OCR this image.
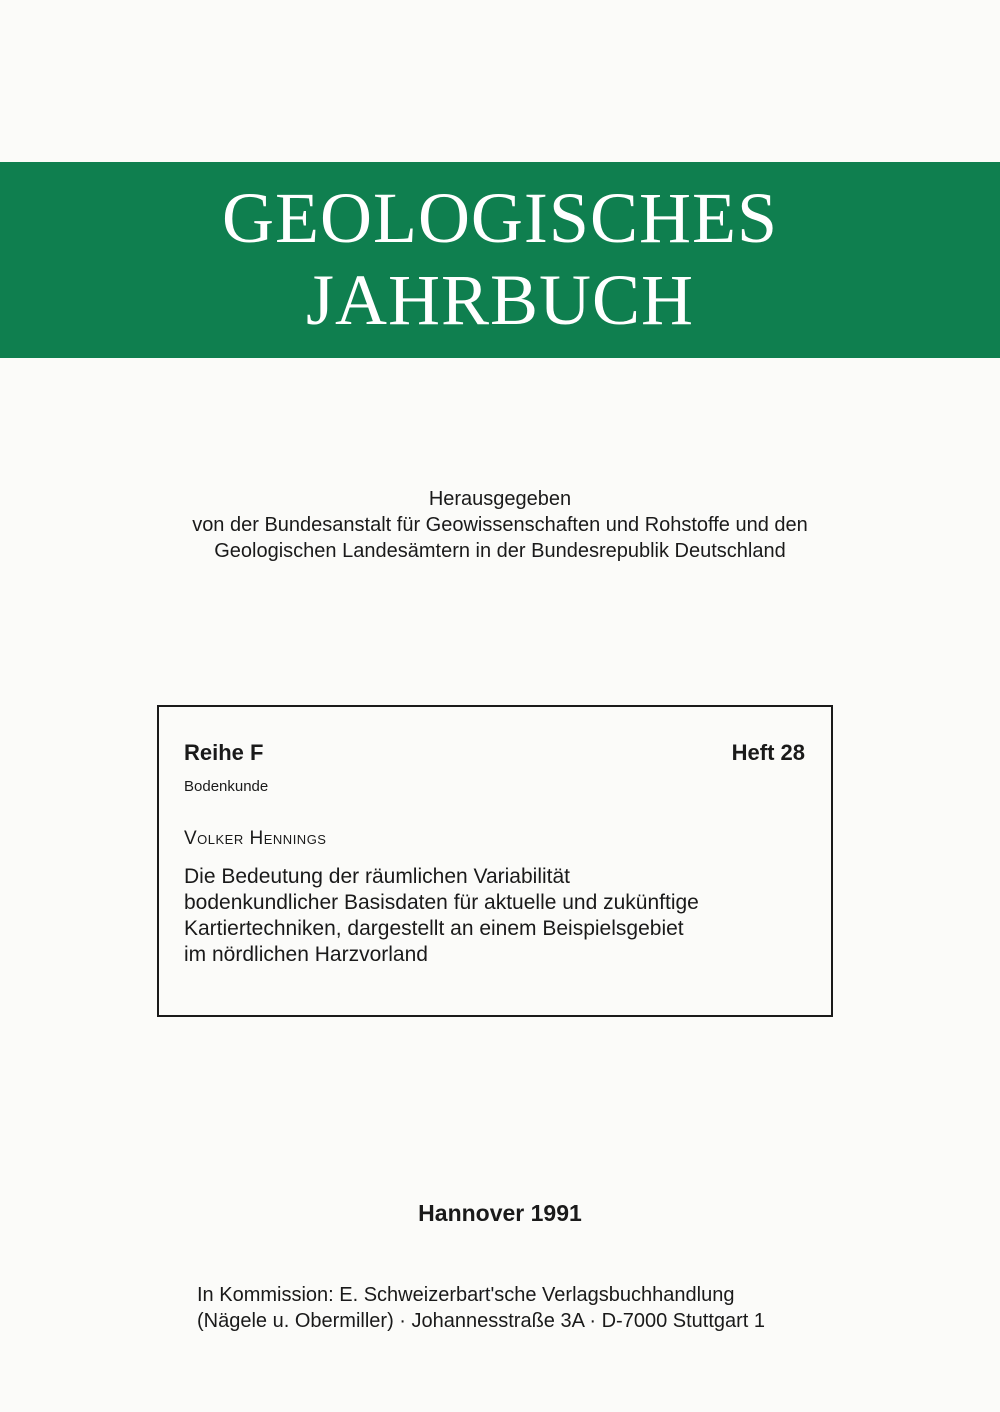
GEOLOGISCHES
JAHRBUCH
Herausgegeben
von der Bundesanstalt für Geowissenschaften und Rohstoffe und den
Geologischen Landesämtern in der Bundesrepublik Deutschland
Reihe F	Heft 28
Bodenkunde
Volker Hennings
Die Bedeutung der räumlichen Variabilität
bodenkundlicher Basisdaten für aktuelle und zukünftige
Kartiertechniken, dargestellt an einem Beispielsgebiet
im nördlichen Harzvorland
Hannover 1991
In Kommission: E. Schweizerbart'sche Verlagsbuchhandlung
(Nägele u. Obermiller) · Johannesstraße 3A · D-7000 Stuttgart 1
